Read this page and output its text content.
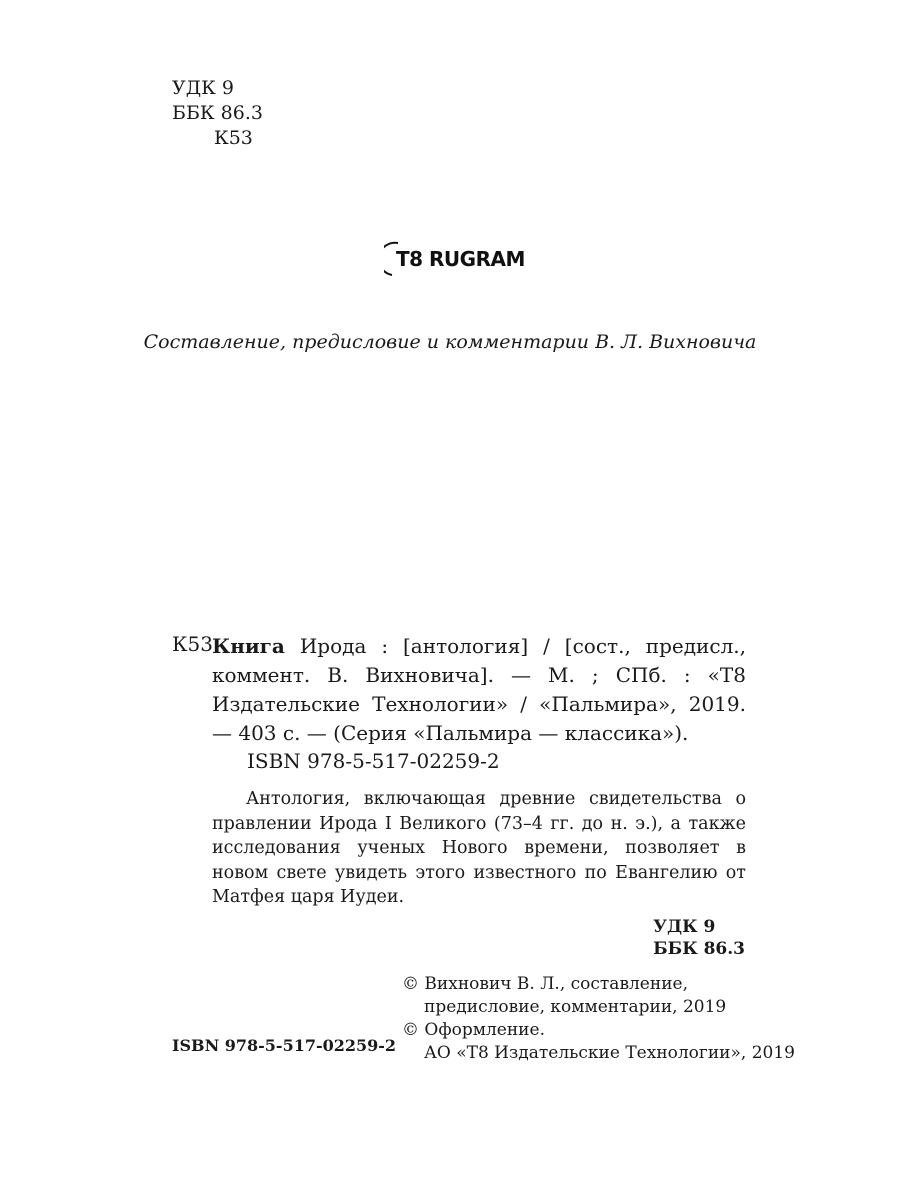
УДК 9
ББК 86.3
К53
T8 RUGRAM
Составление, предисловие и комментарии В. Л. Вихновича
К53 Книга Ирода : [антология] / [сост., предисл., коммент. В. Вихновича]. — М. ; СПб. : «Т8 Издательские Технологии» / «Пальмира», 2019. — 403 с. — (Серия «Пальмира — классика»).
ISBN 978-5-517-02259-2
Антология, включающая древние свидетельства о правлении Ирода I Великого (73–4 гг. до н. э.), а также исследования ученых Нового времени, позволяет в новом свете увидеть этого известного по Евангелию от Матфея царя Иудеи.
УДК 9
ББК 86.3
ISBN 978-5-517-02259-2
© Вихнович В. Л., составление,
предисловие, комментарии, 2019
© Оформление.
АО «Т8 Издательские Технологии», 2019
